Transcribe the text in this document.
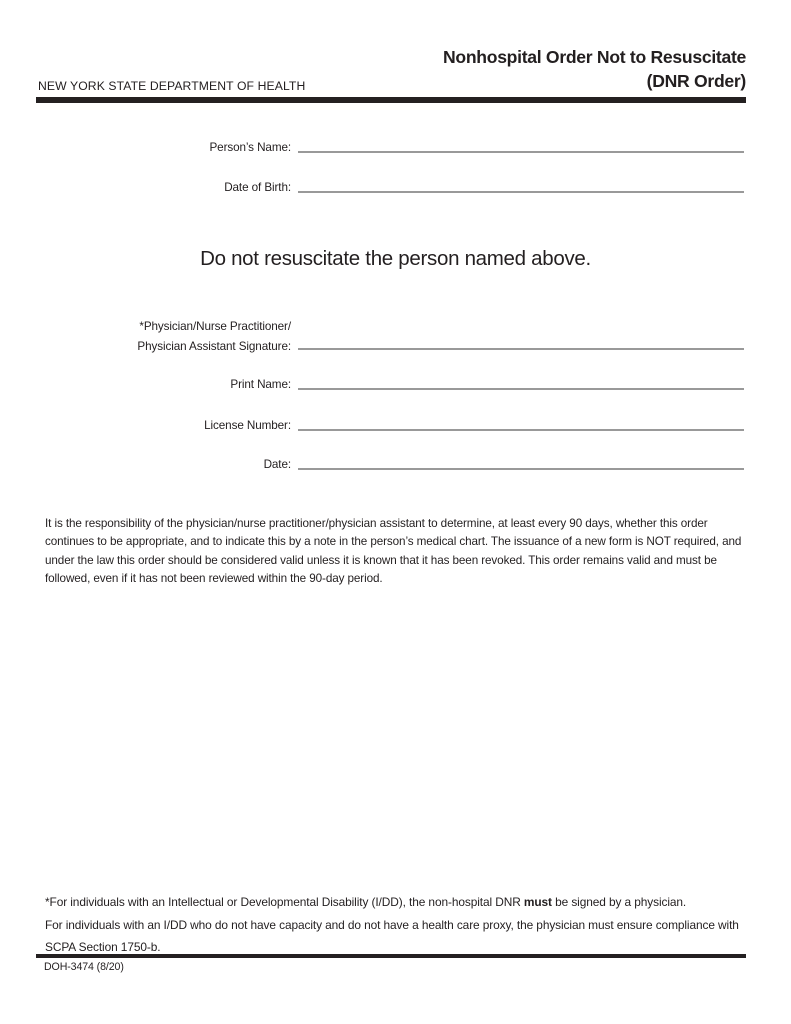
NEW YORK STATE DEPARTMENT OF HEALTH
Nonhospital Order Not to Resuscitate
(DNR Order)
Person’s Name:
Date of Birth:
Do not resuscitate the person named above.
*Physician/Nurse Practitioner/
Physician Assistant Signature:
Print Name:
License Number:
Date:
It is the responsibility of the physician/nurse practitioner/physician assistant to determine, at least every 90 days, whether this order continues to be appropriate, and to indicate this by a note in the person’s medical chart. The issuance of a new form is NOT required, and under the law this order should be considered valid unless it is known that it has been revoked. This order remains valid and must be followed, even if it has not been reviewed within the 90-day period.

*For individuals with an Intellectual or Developmental Disability (I/DD), the non-hospital DNR must be signed by a physician.

For individuals with an I/DD who do not have capacity and do not have a health care proxy, the physician must ensure compliance with SCPA Section 1750-b.

DOH-3474 (8/20)
